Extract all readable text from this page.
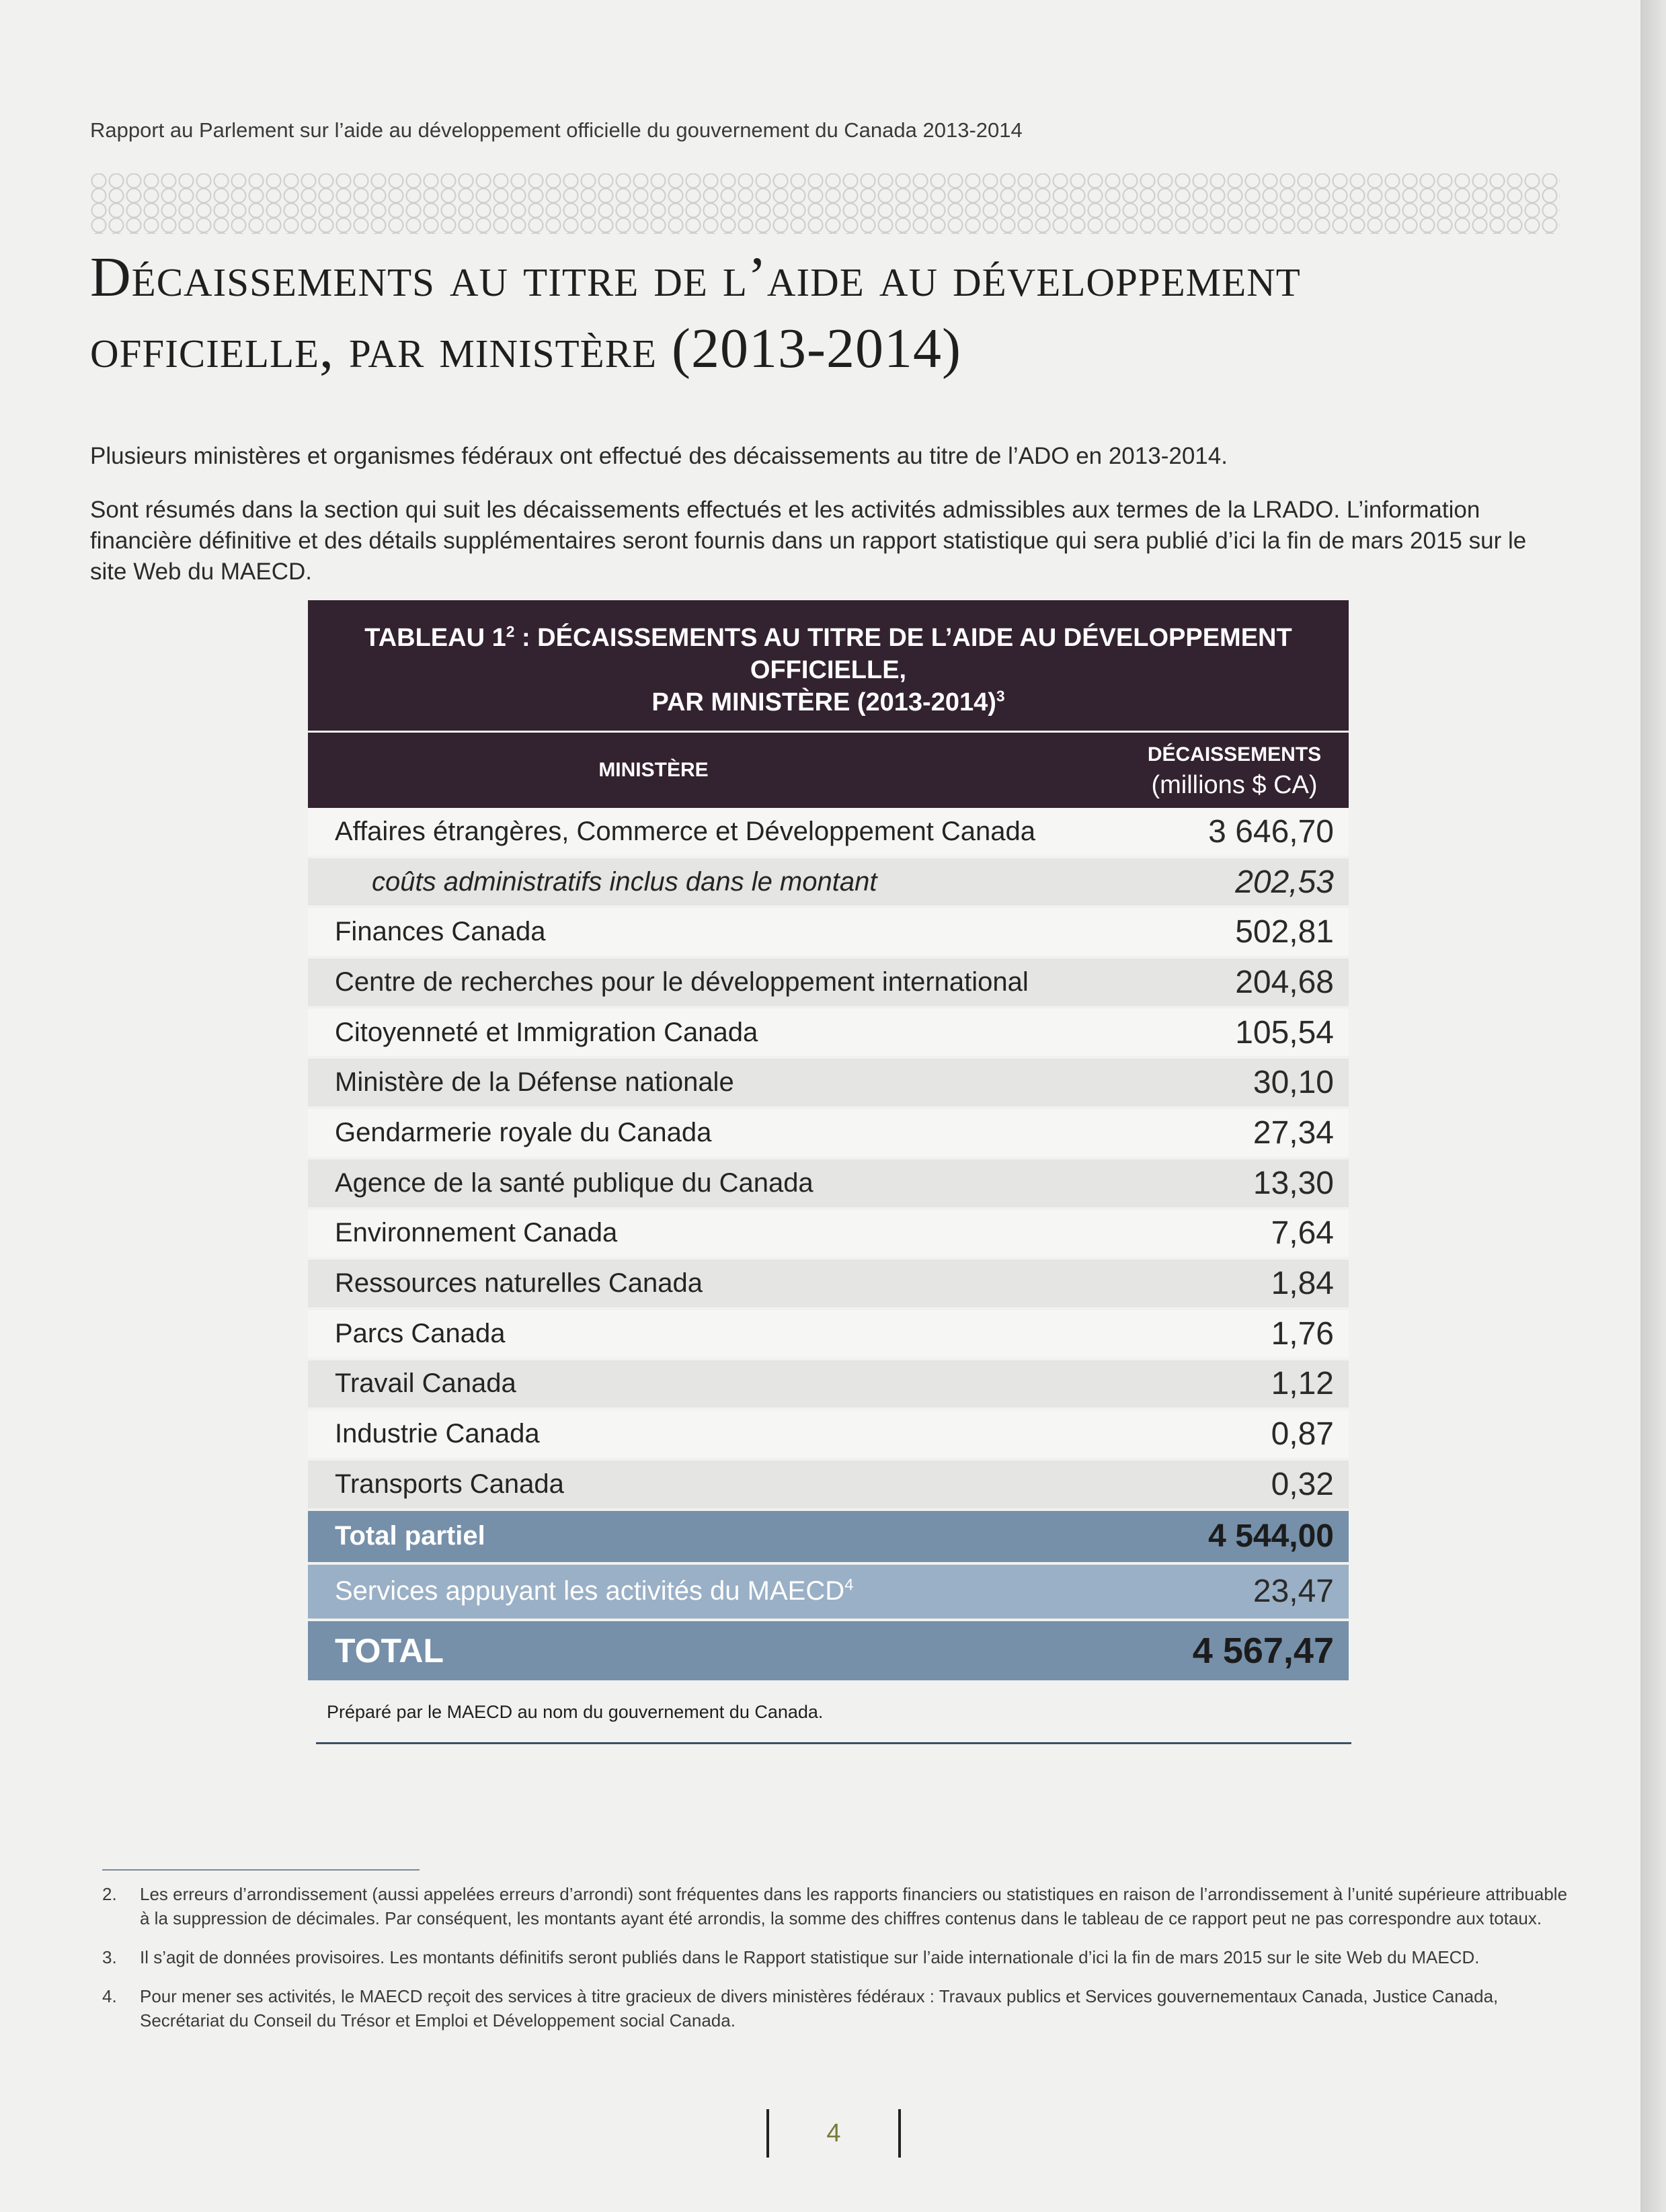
Rapport au Parlement sur l’aide au développement officielle du gouvernement du Canada 2013-2014
Décaissements au titre de l’aide au développement
officielle, par ministère (2013-2014)
Plusieurs ministères et organismes fédéraux ont effectué des décaissements au titre de l’ADO en 2013-2014.
Sont résumés dans la section qui suit les décaissements effectués et les activités admissibles aux termes de la LRADO. L’information financière définitive et des détails supplémentaires seront fournis dans un rapport statistique qui sera publié d’ici la fin de mars 2015 sur le site Web du MAECD.
TABLEAU $1^2$ : DÉCAISSEMENTS AU TITRE DE L’AIDE AU DÉVELOPPEMENT OFFICIELLE,
PAR MINISTÈRE (2013-2014)$^3$
MINISTÈRE
DÉCAISSEMENTS
(millions $ CA)
Affaires étrangères, Commerce et Développement Canada	3 646,70
coûts administratifs inclus dans le montant	202,53
Finances Canada	502,81
Centre de recherches pour le développement international	204,68
Citoyenneté et Immigration Canada	105,54
Ministère de la Défense nationale	30,10
Gendarmerie royale du Canada	27,34
Agence de la santé publique du Canada	13,30
Environnement Canada	7,64
Ressources naturelles Canada	1,84
Parcs Canada	1,76
Travail Canada	1,12
Industrie Canada	0,87
Transports Canada	0,32
Total partiel	4 544,00
Services appuyant les activités du MAECD$^4$	23,47
TOTAL	4 567,47
Préparé par le MAECD au nom du gouvernement du Canada.
2.	Les erreurs d’arrondissement (aussi appelées erreurs d’arrondi) sont fréquentes dans les rapports financiers ou statistiques en raison de l’arrondissement à l’unité supérieure attribuable à la suppression de décimales. Par conséquent, les montants ayant été arrondis, la somme des chiffres contenus dans le tableau de ce rapport peut ne pas correspondre aux totaux.
3.	Il s’agit de données provisoires. Les montants définitifs seront publiés dans le Rapport statistique sur l’aide internationale d’ici la fin de mars 2015 sur le site Web du MAECD.
4.	Pour mener ses activités, le MAECD reçoit des services à titre gracieux de divers ministères fédéraux : Travaux publics et Services gouvernementaux Canada, Justice Canada, Secrétariat du Conseil du Trésor et Emploi et Développement social Canada.
4
